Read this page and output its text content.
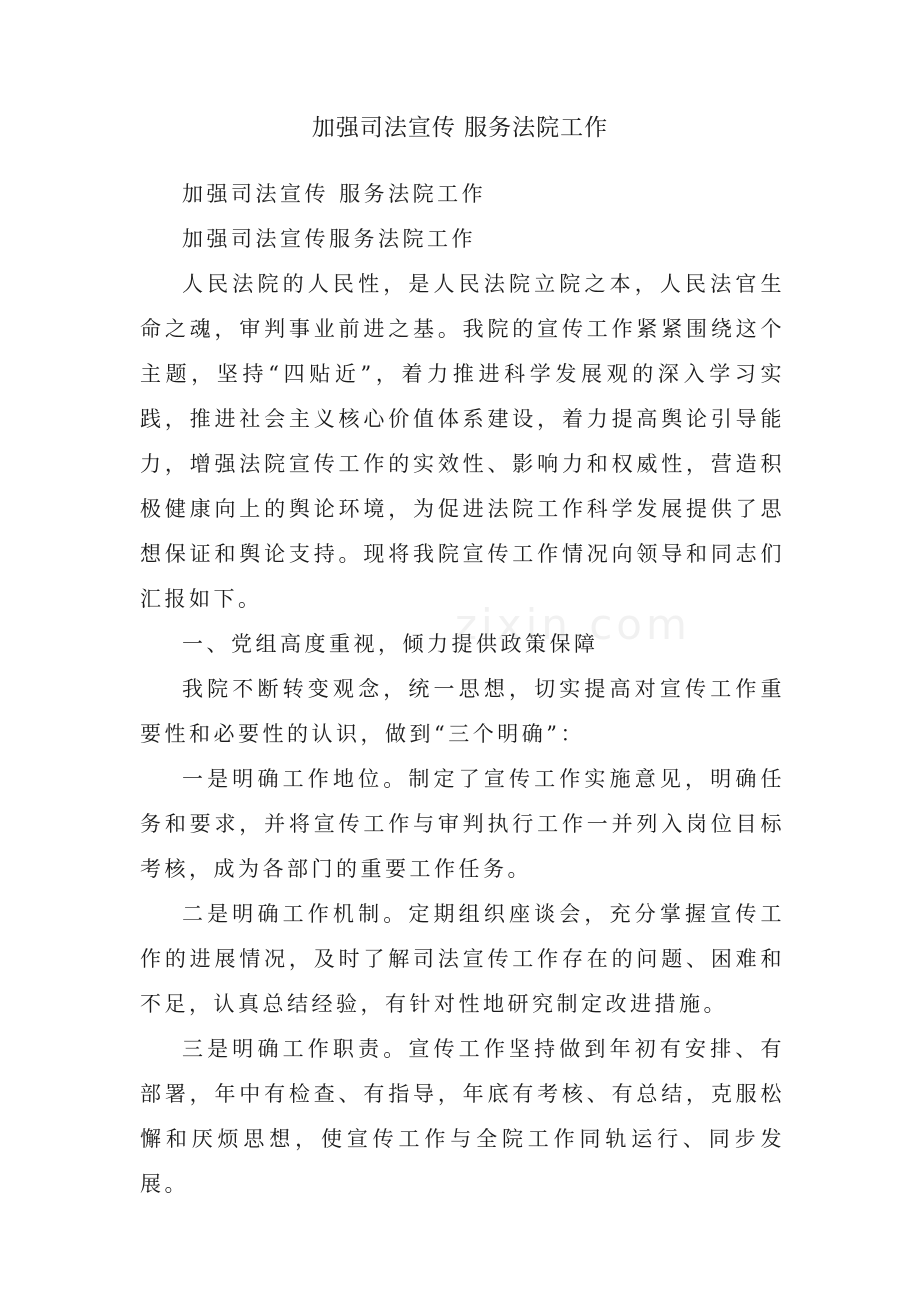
加强司法宣传 服务法院工作

加强司法宣传 服务法院工作

加强司法宣传服务法院工作

人民法院的人民性，是人民法院立院之本，人民法官生命之魂，审判事业前进之基。我院的宣传工作紧紧围绕这个主题，坚持“四贴近”，着力推进科学发展观的深入学习实践，推进社会主义核心价值体系建设，着力提高舆论引导能力，增强法院宣传工作的实效性、影响力和权威性，营造积极健康向上的舆论环境，为促进法院工作科学发展提供了思想保证和舆论支持。现将我院宣传工作情况向领导和同志们汇报如下。

一、党组高度重视，倾力提供政策保障

我院不断转变观念，统一思想，切实提高对宣传工作重要性和必要性的认识，做到“三个明确”：

一是明确工作地位。制定了宣传工作实施意见，明确任务和要求，并将宣传工作与审判执行工作一并列入岗位目标考核，成为各部门的重要工作任务。

二是明确工作机制。定期组织座谈会，充分掌握宣传工作的进展情况，及时了解司法宣传工作存在的问题、困难和不足，认真总结经验，有针对性地研究制定改进措施。

三是明确工作职责。宣传工作坚持做到年初有安排、有部署，年中有检查、有指导，年底有考核、有总结，克服松懈和厌烦思想，使宣传工作与全院工作同轨运行、同步发展。

zixin.com
